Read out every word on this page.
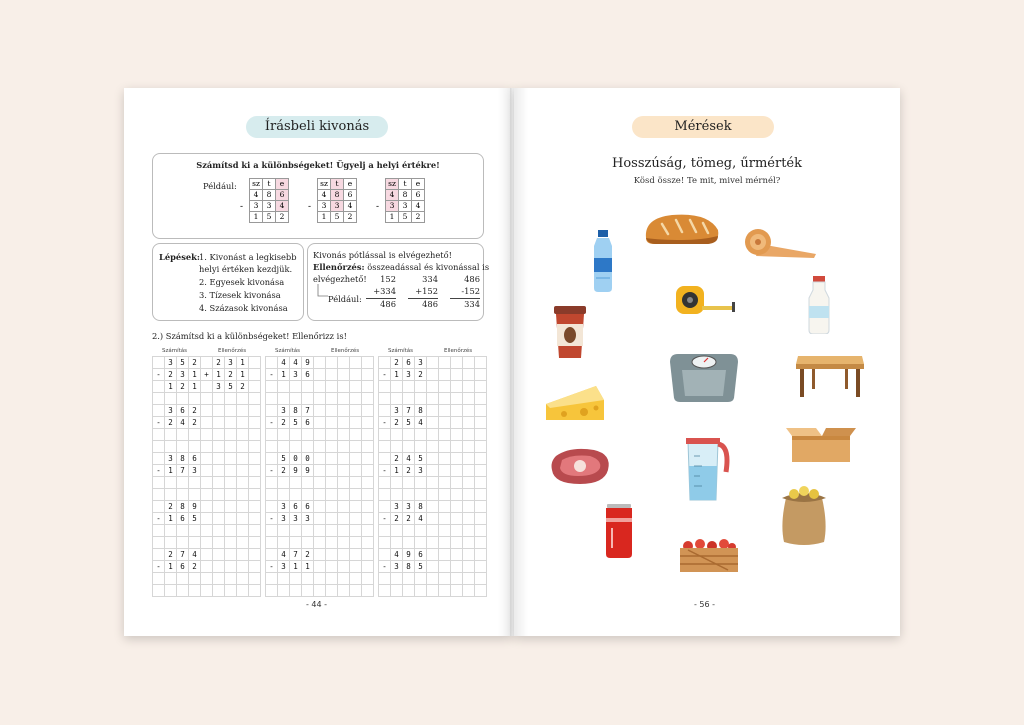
Írásbeli kivonás
Számítsd ki a különbségeket! Ügyelj a helyi értékre!
Például:
-
sz	t	e
4	8	6
3	3	4
1	5	2
-
sz	t	e
4	8	6
3	3	4
1	5	2
-
sz	t	e
4	8	6
3	3	4
1	5	2
Lépések: 1. Kivonást a legkisebb
helyi értéken kezdjük.
2. Egyesek kivonása
3. Tízesek kivonása
4. Százasok kivonása
Kivonás pótlással is elvégezhető!
Ellenőrzés: összeadással és kivonással is
elvégezhető!
Például:
152
+334
486
334
+152
486
486
-152
334
2.) Számítsd ki a különbségeket! Ellenőrizz is!
Számítás	Ellenőrzés
	3	5	2		2	3	1	
-	2	3	1	+	1	2	1	
	1	2	1		3	5	2	

	3	6	2					
-	2	4	2					

	3	8	6					
-	1	7	3					

	2	8	9					
-	1	6	5					

	2	7	4					
-	1	6	2					

Számítás	Ellenőrzés
	4	4	9					
-	1	3	6					

	3	8	7					
-	2	5	6					

	5	0	0					
-	2	9	9					

	3	6	6					
-	3	3	3					

	4	7	2					
-	3	1	1					

Számítás	Ellenőrzés
	2	6	3					
-	1	3	2					

	3	7	8					
-	2	5	4					

	2	4	5					
-	1	2	3					

	3	3	8					
-	2	2	4					

	4	9	6					
-	3	8	5					

- 44 -
Mérések
Hosszúság, tömeg, űrmérték
Kösd össze! Te mit, mivel mérnél?
- 56 -
